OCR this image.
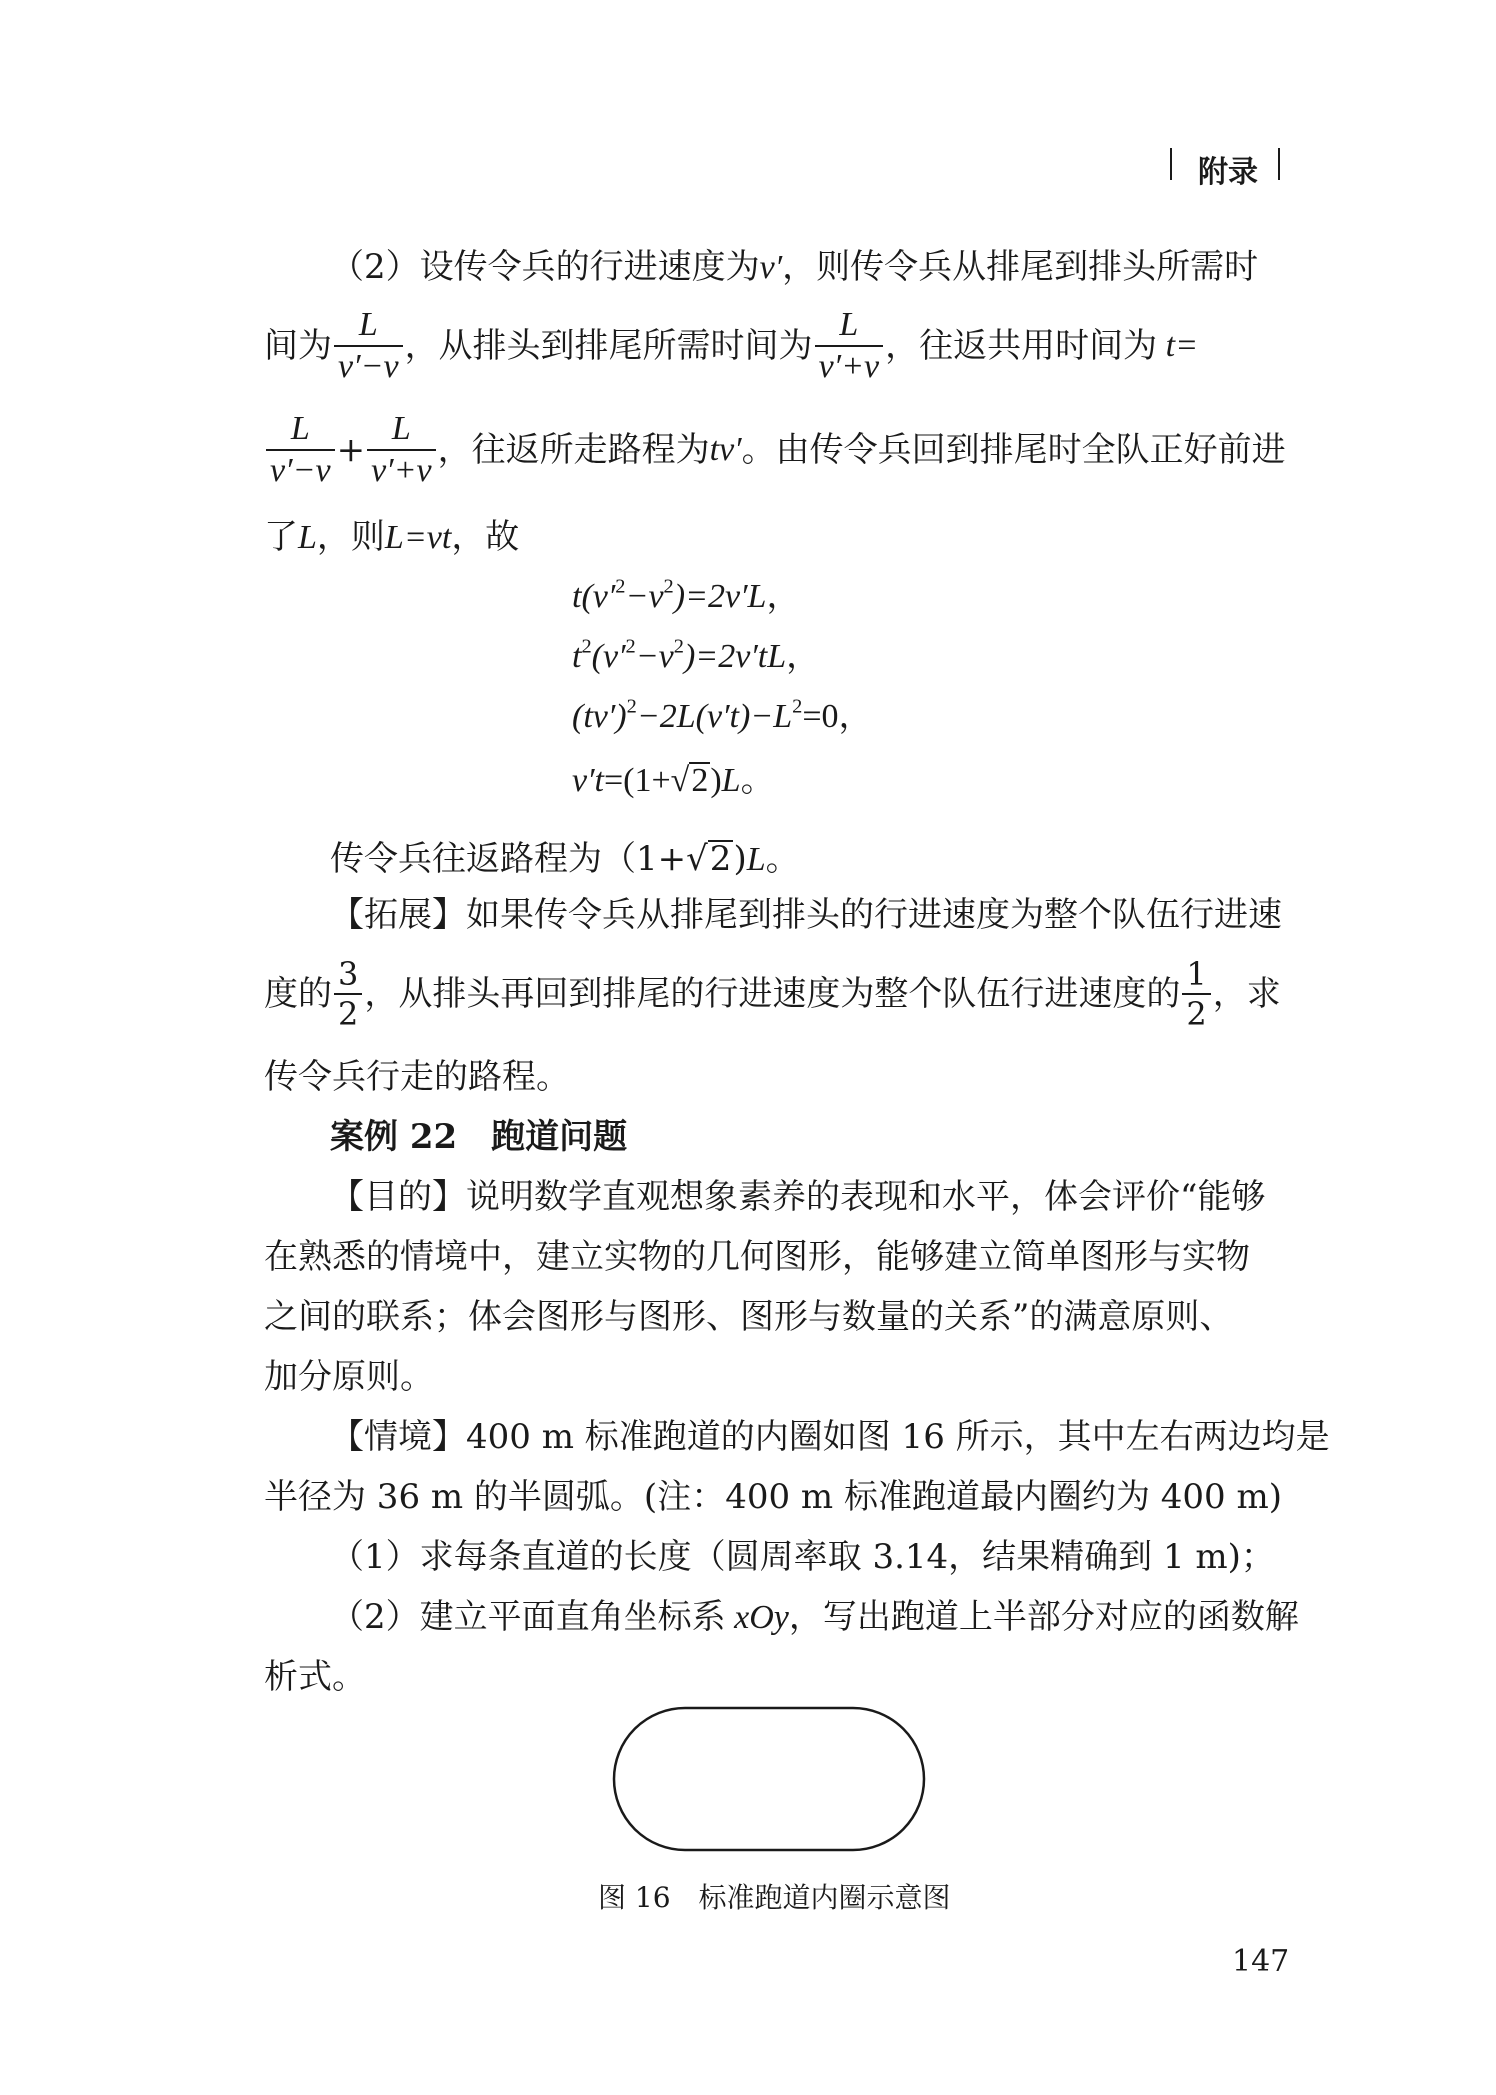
附录
（2）设传令兵的行进速度为v′，则传令兵从排尾到排头所需时
间为 $\frac{L}{v'-v}$ ，从排头到排尾所需时间为 $\frac{L}{v'+v}$ ，往返共用时间为 t=
$\frac{L}{v'-v} + \frac{L}{v'+v}$ ，往返所走路程为tv′。由传令兵回到排尾时全队正好前进
了L，则L=vt，故
$t(v'^2-v^2)=2v'L$，
$t^2(v'^2-v^2)=2v'tL$，
$(tv')^2-2L(v't)-L^2=0$，
v′t=(1+√2)L。
传令兵往返路程为（1+√2)L。
【拓展】如果传令兵从排尾到排头的行进速度为整个队伍行进速
度的 $\frac{3}{2}$ ，从排头再回到排尾的行进速度为整个队伍行进速度的 $\frac{1}{2}$ ，求
传令兵行走的路程。
案例 22　跑道问题
【目的】说明数学直观想象素养的表现和水平，体会评价“能够
在熟悉的情境中，建立实物的几何图形，能够建立简单图形与实物
之间的联系；体会图形与图形、图形与数量的关系”的满意原则、
加分原则。
【情境】400 m 标准跑道的内圈如图 16 所示，其中左右两边均是
半径为 36 m 的半圆弧。(注：400 m 标准跑道最内圈约为 400 m)
（1）求每条直道的长度（圆周率取 3.14，结果精确到 1 m)；
（2）建立平面直角坐标系 xOy，写出跑道上半部分对应的函数解
析式。
图 16　标准跑道内圈示意图
147
